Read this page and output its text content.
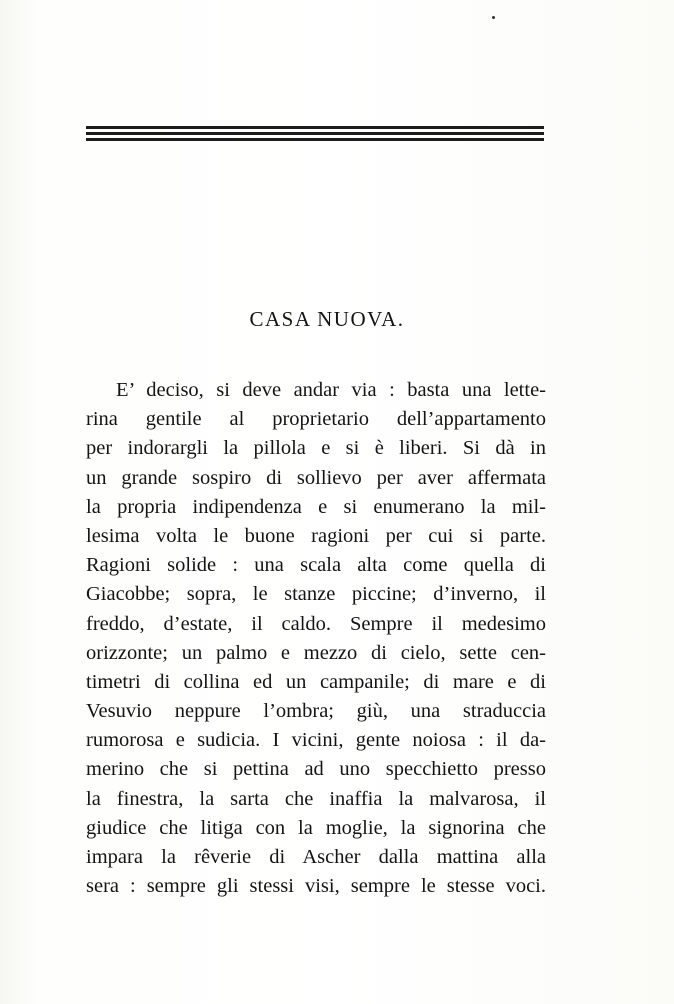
CASA NUOVA.
E’ deciso, si deve andar via : basta una lette-
rina gentile al proprietario dell’appartamento
per indorargli la pillola e si è liberi. Si dà in
un grande sospiro di sollievo per aver affermata
la propria indipendenza e si enumerano la mil-
lesima volta le buone ragioni per cui si parte.
Ragioni solide : una scala alta come quella di
Giacobbe; sopra, le stanze piccine; d’inverno, il
freddo, d’estate, il caldo. Sempre il medesimo
orizzonte; un palmo e mezzo di cielo, sette cen-
timetri di collina ed un campanile; di mare e di
Vesuvio neppure l’ombra; giù, una straduccia
rumorosa e sudicia. I vicini, gente noiosa : il da-
merino che si pettina ad uno specchietto presso
la finestra, la sarta che inaffia la malvarosa, il
giudice che litiga con la moglie, la signorina che
impara la rêverie di Ascher dalla mattina alla
sera : sempre gli stessi visi, sempre le stesse voci.
